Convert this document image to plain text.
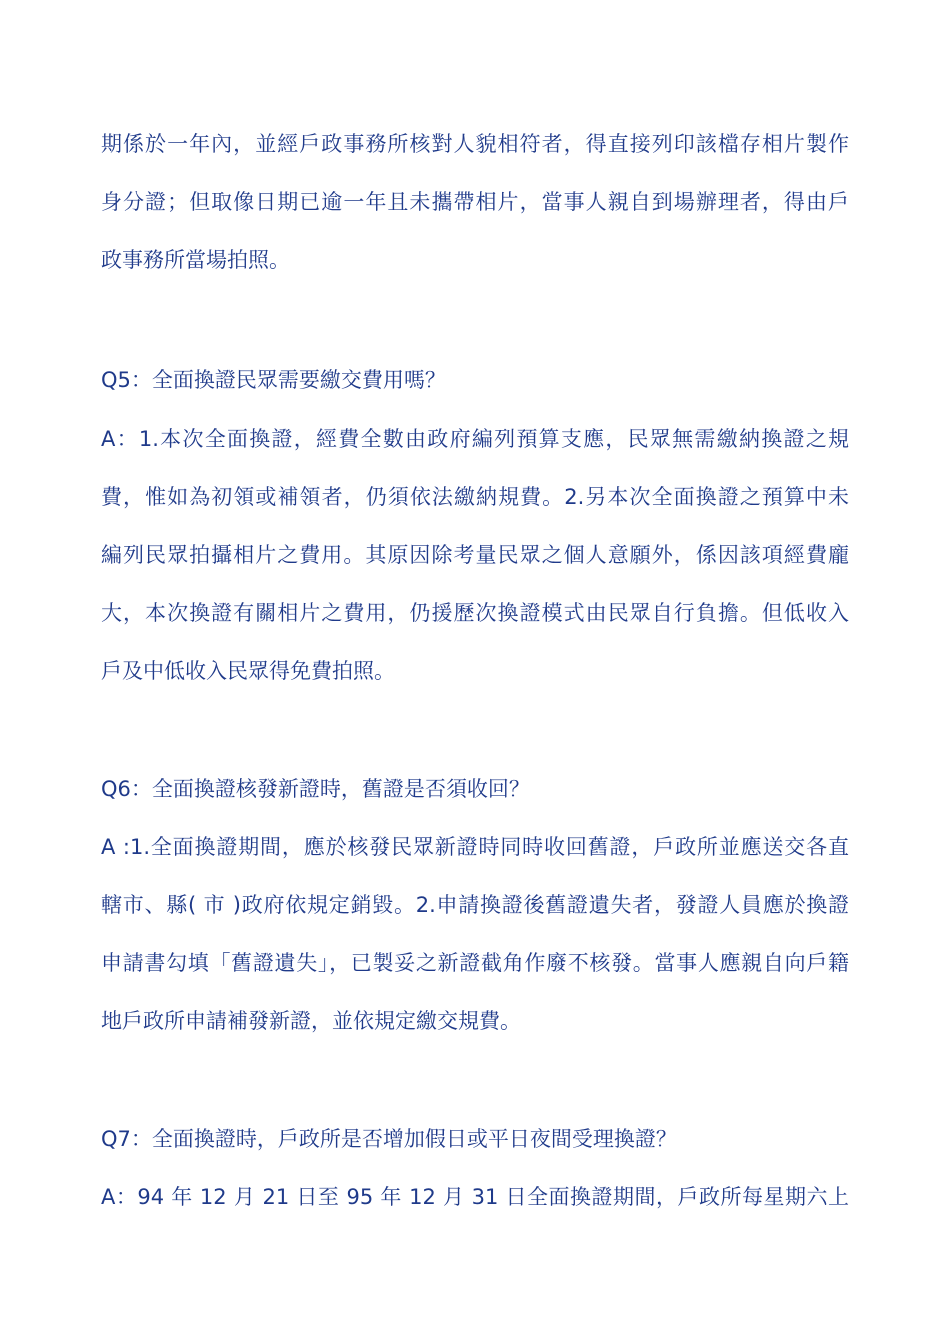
期係於一年內，並經戶政事務所核對人貌相符者，得直接列印該檔存相片製作

身分證；但取像日期已逾一年且未攜帶相片，當事人親自到場辦理者，得由戶

政事務所當場拍照。

Q5：全面換證民眾需要繳交費用嗎？

A：1.本次全面換證，經費全數由政府編列預算支應，民眾無需繳納換證之規

費，惟如為初領或補領者，仍須依法繳納規費。2.另本次全面換證之預算中未

編列民眾拍攝相片之費用。其原因除考量民眾之個人意願外，係因該項經費龐

大，本次換證有關相片之費用，仍援歷次換證模式由民眾自行負擔。但低收入

戶及中低收入民眾得免費拍照。

Q6：全面換證核發新證時，舊證是否須收回？

A :1.全面換證期間，應於核發民眾新證時同時收回舊證，戶政所並應送交各直

轄市、縣( 市 )政府依規定銷毀。2.申請換證後舊證遺失者，發證人員應於換證

申請書勾填「舊證遺失」，已製妥之新證截角作廢不核發。當事人應親自向戶籍

地戶政所申請補發新證，並依規定繳交規費。

Q7：全面換證時，戶政所是否增加假日或平日夜間受理換證？

A：94 年 12 月 21 日至 95 年 12 月 31 日全面換證期間，戶政所每星期六上
